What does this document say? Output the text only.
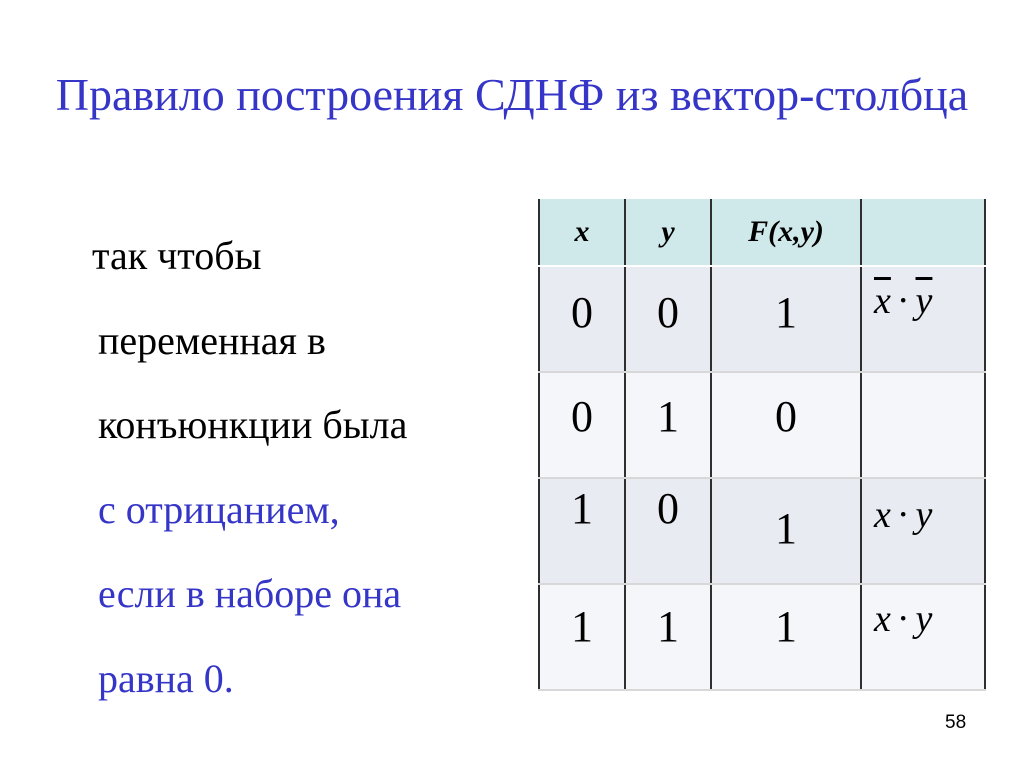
Правило построения СДНФ из вектор-столбца
так чтобы
переменная в
конъюнкции была
с отрицанием,
если в наборе она
равна 0.
x	y	F(x,y)	

0	0	1	$\overline{x} \cdot \overline{y}$

0	1	0	

1	0	1	x · y

1	1	1	x · y
58
